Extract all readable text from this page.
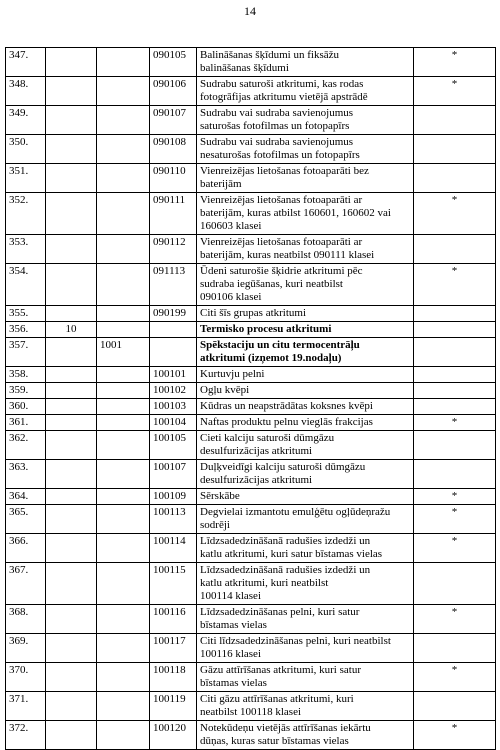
14
347.			090105	Balināšanas šķīdumi un fiksāžu
balināšanas šķīdumi	*
348.			090106	Sudrabu saturoši atkritumi, kas rodas
fotogrāfijas atkritumu vietējā apstrādē	*
349.			090107	Sudrabu vai sudraba savienojumus
saturošas fotofilmas un fotopapīrs	

350.			090108	Sudrabu vai sudraba savienojumus
nesaturošas fotofilmas un fotopapīrs	

351.			090110	Vienreizējas lietošanas fotoaparāti bez
baterijām	

352.			090111	Vienreizējas lietošanas fotoaparāti ar
baterijām, kuras atbilst 160601, 160602 vai
160603 klasei	*
353.			090112	Vienreizējas lietošanas fotoaparāti ar
baterijām, kuras neatbilst 090111 klasei	

354.			091113	Ūdeni saturošie šķidrie atkritumi pēc
sudraba iegūšanas, kuri neatbilst
090106 klasei	*
355.			090199	Citi šīs grupas atkritumi	

356.	10			Termisko procesu atkritumi	

357.		1001		Spēkstaciju un citu termocentrāļu
atkritumi (izņemot 19.nodaļu)	

358.			100101	Kurtuvju pelni	

359.			100102	Ogļu kvēpi	

360.			100103	Kūdras un neapstrādātas koksnes kvēpi	

361.			100104	Naftas produktu pelnu vieglās frakcijas	*
362.			100105	Cieti kalciju saturoši dūmgāzu
desulfurizācijas atkritumi	

363.			100107	Duļķveidīgi kalciju saturoši dūmgāzu
desulfurizācijas atkritumi	

364.			100109	Sērskābe	*
365.			100113	Degvielai izmantotu emulģētu ogļūdeņražu
sodrēji	*
366.			100114	Līdzsadedzināšanā radušies izdedži un
katlu atkritumi, kuri satur bīstamas vielas	*
367.			100115	Līdzsadedzināšanā radušies izdedži un
katlu atkritumi, kuri neatbilst
100114 klasei	

368.			100116	Līdzsadedzināšanas pelni, kuri satur
bīstamas vielas	*
369.			100117	Citi līdzsadedzināšanas pelni, kuri neatbilst
100116 klasei	

370.			100118	Gāzu attīrīšanas atkritumi, kuri satur
bīstamas vielas	*
371.			100119	Citi gāzu attīrīšanas atkritumi, kuri
neatbilst 100118 klasei	

372.			100120	Notekūdeņu vietējās attīrīšanas iekārtu
dūņas, kuras satur bīstamas vielas	*
